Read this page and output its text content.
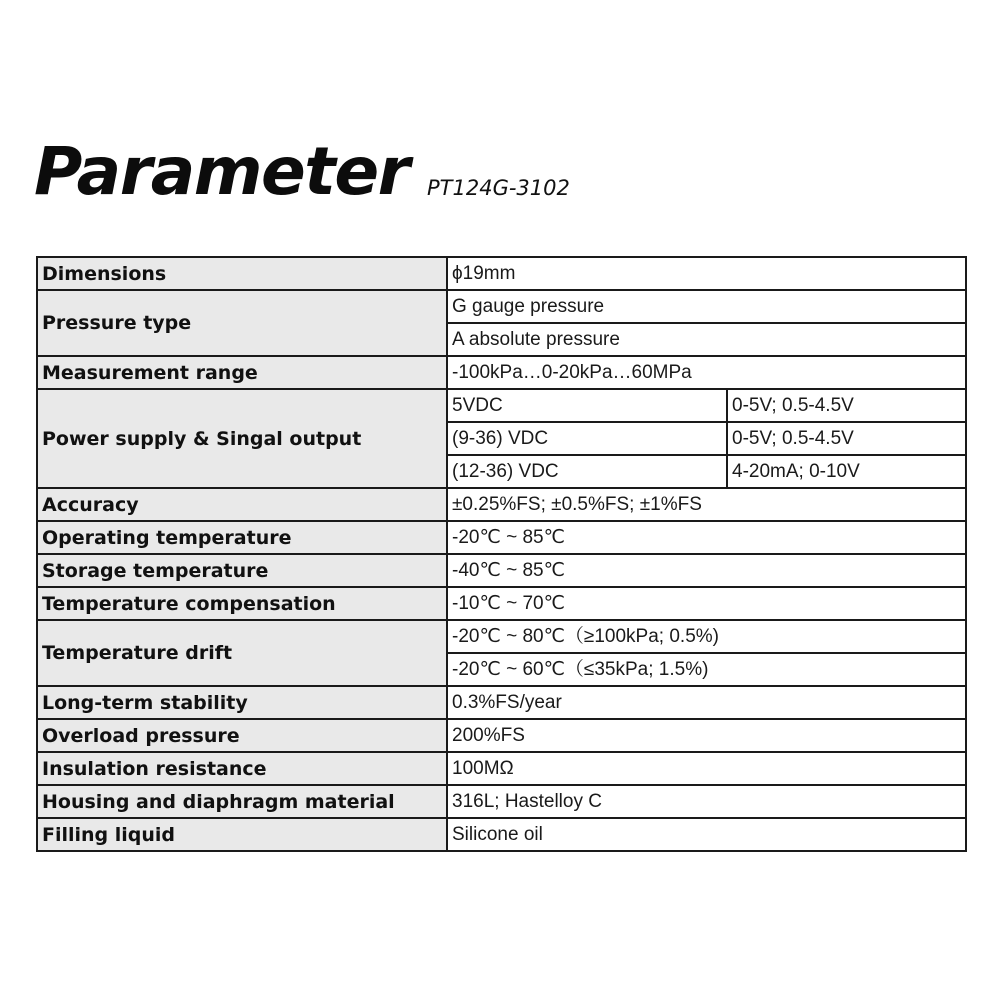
Parameter PT124G-3102
Dimensions	ϕ19mm	
Pressure type	G gauge pressure	
	A absolute pressure	
Measurement range	-100kPa…0-20kPa…60MPa	
Power supply & Singal output	5VDC	0-5V; 0.5-4.5V
	(9-36) VDC	0-5V; 0.5-4.5V
	(12-36) VDC	4-20mA; 0-10V
Accuracy	±0.25%FS; ±0.5%FS; ±1%FS	
Operating temperature	-20℃ ~ 85℃	
Storage temperature	-40℃ ~ 85℃	
Temperature compensation	-10℃ ~ 70℃	
Temperature drift	-20℃ ~ 80℃（≥100kPa; 0.5%)	
	-20℃ ~ 60℃（≤35kPa; 1.5%)	
Long-term stability	0.3%FS/year	
Overload pressure	200%FS	
Insulation resistance	100MΩ	
Housing and diaphragm material	316L; Hastelloy C	
Filling liquid	Silicone oil	
